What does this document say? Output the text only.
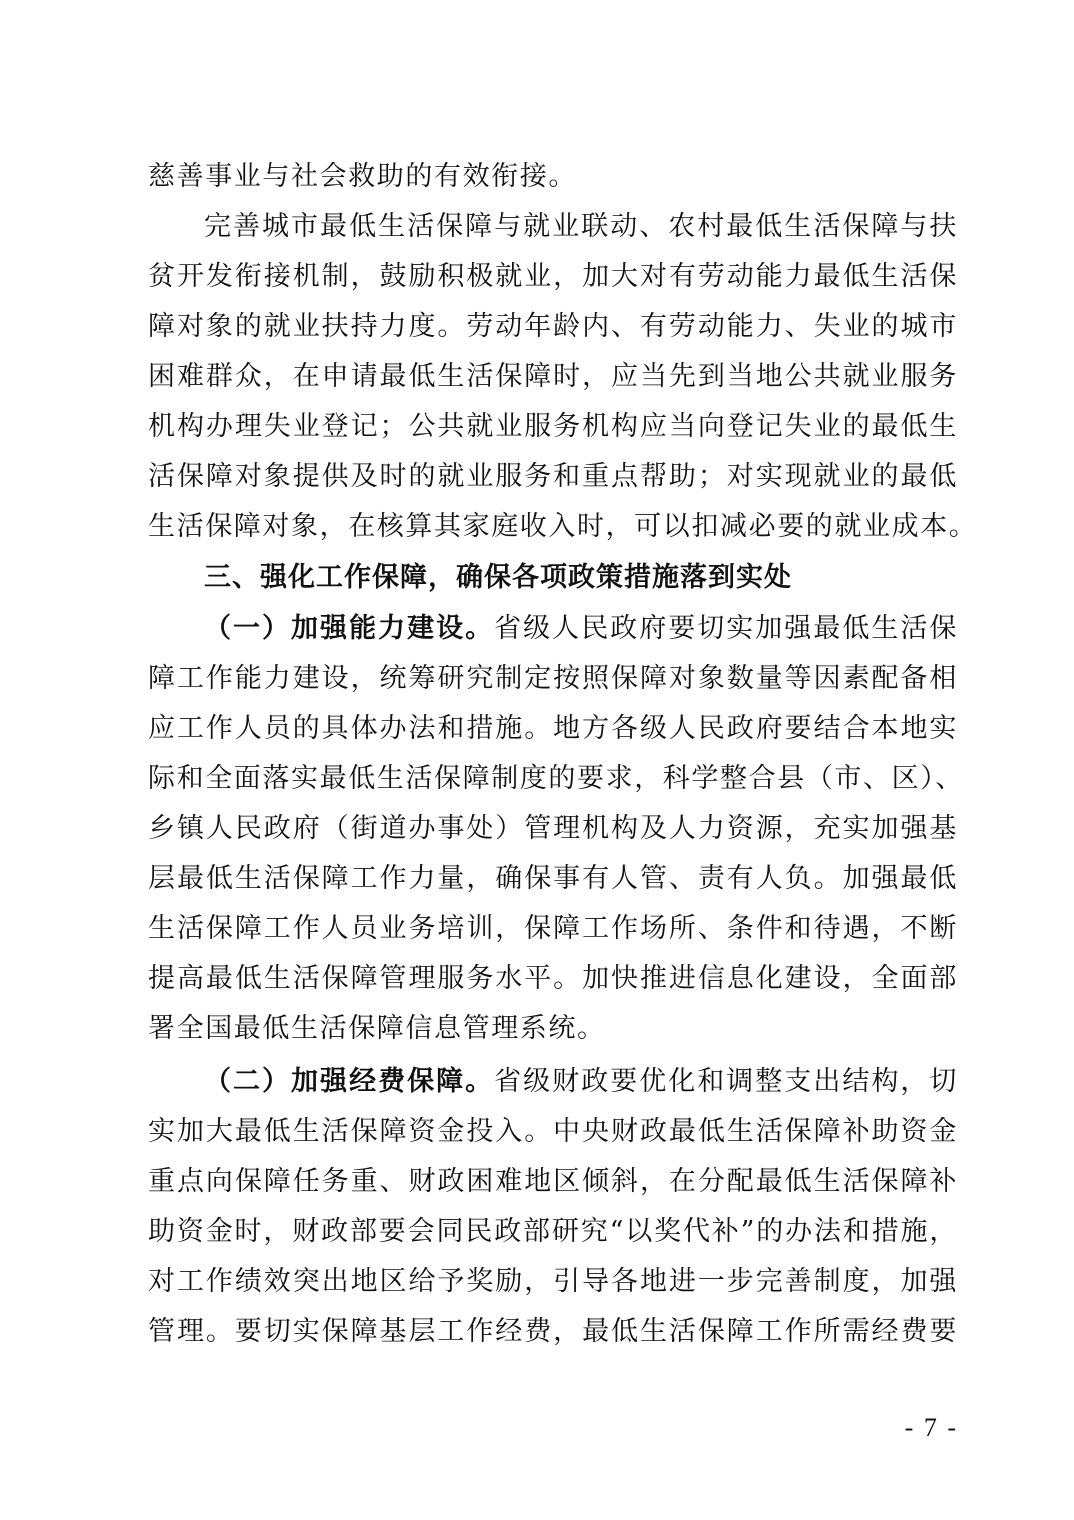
慈善事业与社会救助的有效衔接。
完善城市最低生活保障与就业联动、农村最低生活保障与扶
贫开发衔接机制，鼓励积极就业，加大对有劳动能力最低生活保
障对象的就业扶持力度。劳动年龄内、有劳动能力、失业的城市
困难群众，在申请最低生活保障时，应当先到当地公共就业服务
机构办理失业登记；公共就业服务机构应当向登记失业的最低生
活保障对象提供及时的就业服务和重点帮助；对实现就业的最低
生活保障对象，在核算其家庭收入时，可以扣减必要的就业成本。
三、强化工作保障，确保各项政策措施落到实处
（一）加强能力建设。省级人民政府要切实加强最低生活保
障工作能力建设，统筹研究制定按照保障对象数量等因素配备相
应工作人员的具体办法和措施。地方各级人民政府要结合本地实
际和全面落实最低生活保障制度的要求，科学整合县（市、区）、
乡镇人民政府（街道办事处）管理机构及人力资源，充实加强基
层最低生活保障工作力量，确保事有人管、责有人负。加强最低
生活保障工作人员业务培训，保障工作场所、条件和待遇，不断
提高最低生活保障管理服务水平。加快推进信息化建设，全面部
署全国最低生活保障信息管理系统。
（二）加强经费保障。省级财政要优化和调整支出结构，切
实加大最低生活保障资金投入。中央财政最低生活保障补助资金
重点向保障任务重、财政困难地区倾斜，在分配最低生活保障补
助资金时，财政部要会同民政部研究“以奖代补”的办法和措施，
对工作绩效突出地区给予奖励，引导各地进一步完善制度，加强
管理。要切实保障基层工作经费，最低生活保障工作所需经费要
- 7 -
